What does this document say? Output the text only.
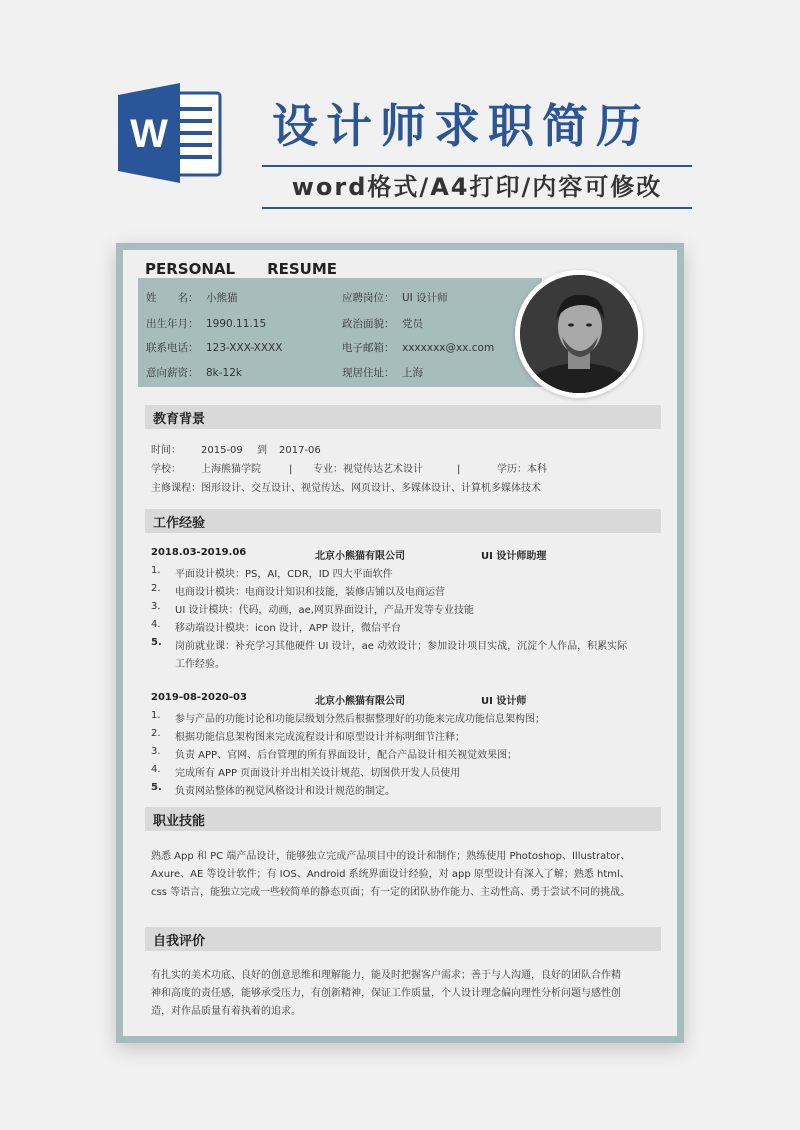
W 设计师求职简历
word格式/A4打印/内容可修改
PERSONAL RESUME
姓　　名： 小熊猫	应聘岗位： UI 设计师
出生年月： 1990.11.15	政治面貌： 党员
联系电话： 123-XXX-XXXX	电子邮箱： xxxxxxx@xx.com
意向薪资： 8k-12k	现居住址： 上海
教育背景
时间： 2015-09 到 2017-06
学校： 上海熊猫学院	| 专业：视觉传达艺术设计	|	学历：本科
主修课程：图形设计、交互设计、视觉传达、网页设计、多媒体设计、计算机多媒体技术
工作经验
2018.03-2019.06	北京小熊猫有限公司	UI 设计师助理
1. 平面设计模块：PS，AI，CDR，ID 四大平面软件
2. 电商设计模块：电商设计知识和技能，装修店铺以及电商运营
3. UI 设计模块：代码，动画，ae,网页界面设计，产品开发等专业技能
4. 移动端设计模块：icon 设计，APP 设计，微信平台
5. 岗前就业课：补充学习其他硬件 UI 设计，ae 动效设计；参加设计项目实战，沉淀个人作品，积累实际
工作经验。
2019-08-2020-03	北京小熊猫有限公司	UI 设计师
1. 参与产品的功能讨论和功能层级划分然后根据整理好的功能来完成功能信息架构图；
2. 根据功能信息架构图来完成流程设计和原型设计并标明细节注释；
3. 负责 APP、官网、后台管理的所有界面设计，配合产品设计相关视觉效果图；
4. 完成所有 APP 页面设计并出相关设计规范、切图供开发人员使用
5. 负责网站整体的视觉风格设计和设计规范的制定。
职业技能
熟悉 App 和 PC 端产品设计，能够独立完成产品项目中的设计和制作；熟练使用 Photoshop、Illustrator、
Axure、AE 等设计软件；有 IOS、Android 系统界面设计经验，对 app 原型设计有深入了解；熟悉 html、
css 等语言，能独立完成一些较简单的静态页面；有一定的团队协作能力、主动性高、勇于尝试不同的挑战。
自我评价
有扎实的美术功底、良好的创意思维和理解能力，能及时把握客户需求；善于与人沟通，良好的团队合作精
神和高度的责任感，能够承受压力，有创新精神，保证工作质量，个人设计理念偏向理性分析问题与感性创
造，对作品质量有着执着的追求。
